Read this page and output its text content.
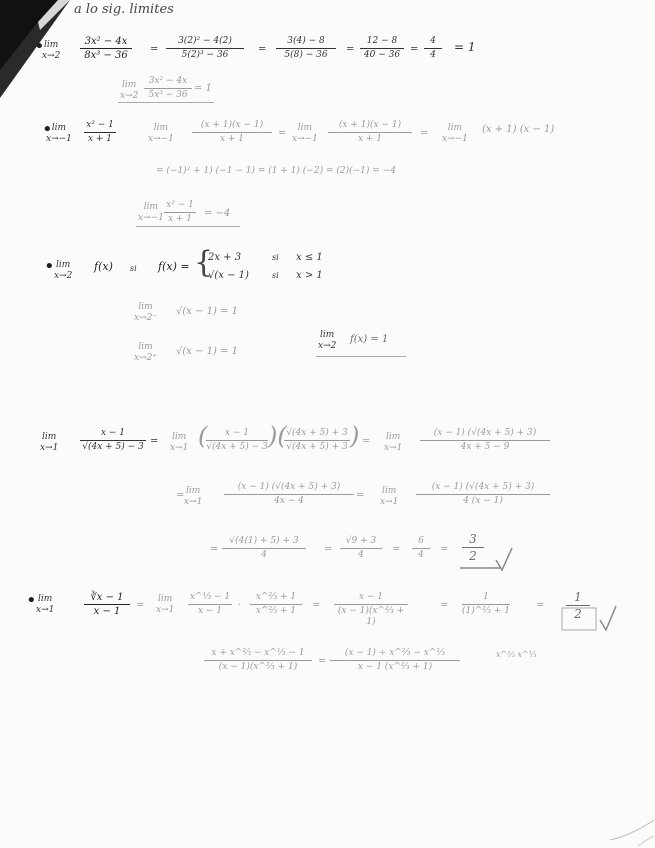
a lo sig. limites
• lim
x→2
3x² − 4x
8x³ − 36
=
3(2)² − 4(2)
5(2)³ − 36	=
3(4) − 8
5(8) − 36	=
12 − 8
40 − 36 =
4
4
= 1
lim
x→2
3x² − 4x
5x³ − 36
= 1
• lim
x→−1
x² − 1
x + 1
lim
x→−1
(x + 1)(x − 1)
x + 1	=	lim
x→−1
(x + 1)(x − 1)
x + 1	=	lim
x→−1
(x + 1) (x − 1)
= (−1)² + 1) (−1 − 1) = (1 + 1) (−2) = (2)(−1) = −4
lim
x→−1
x² − 1
x + 1	= −4
• lim
x→2
f(x) si f(x) = {
2x + 3
√(x − 1)
si
si
x ≤ 1
x > 1
lim
x→2⁻
√(x − 1) = 1
lim
x→2⁺
√(x − 1) = 1
lim
x→2
f(x) = 1
lim
x→1
x − 1
√(4x + 5) − 3 = lim
x→1 (	x − 1
√(4x + 5) − 3 )( √(4x + 5) + 3
√(4x + 5) + 3 ) = lim
x→1
(x − 1) (√(4x + 5) + 3)
4x + 5 − 9
= lim
x→1
(x − 1) (√(4x + 5) + 3)
4x − 4	= lim
x→1
(x − 1) (√(4x + 5) + 3)
4 (x − 1)
=
√(4(1) + 5) + 3
4	=
√9 + 3
4	=
6
4	=
3
2
• lim
x→1
∛x − 1
x − 1
=
lim
x→1
x^⅓ − 1
x − 1	·
x^⅔ + 1
x^⅔ + 1	=
x − 1
(x − 1)(x^⅔ + 1)
=
1
(1)^⅔ + 1	=
1
2
x + x^⅔ − x^⅓ − 1
(x − 1)(x^⅔ + 1)	=
(x − 1) ÷ x^⅔ − x^⅓
x − 1 (x^⅔ + 1)
x^⅔ x^⅓
